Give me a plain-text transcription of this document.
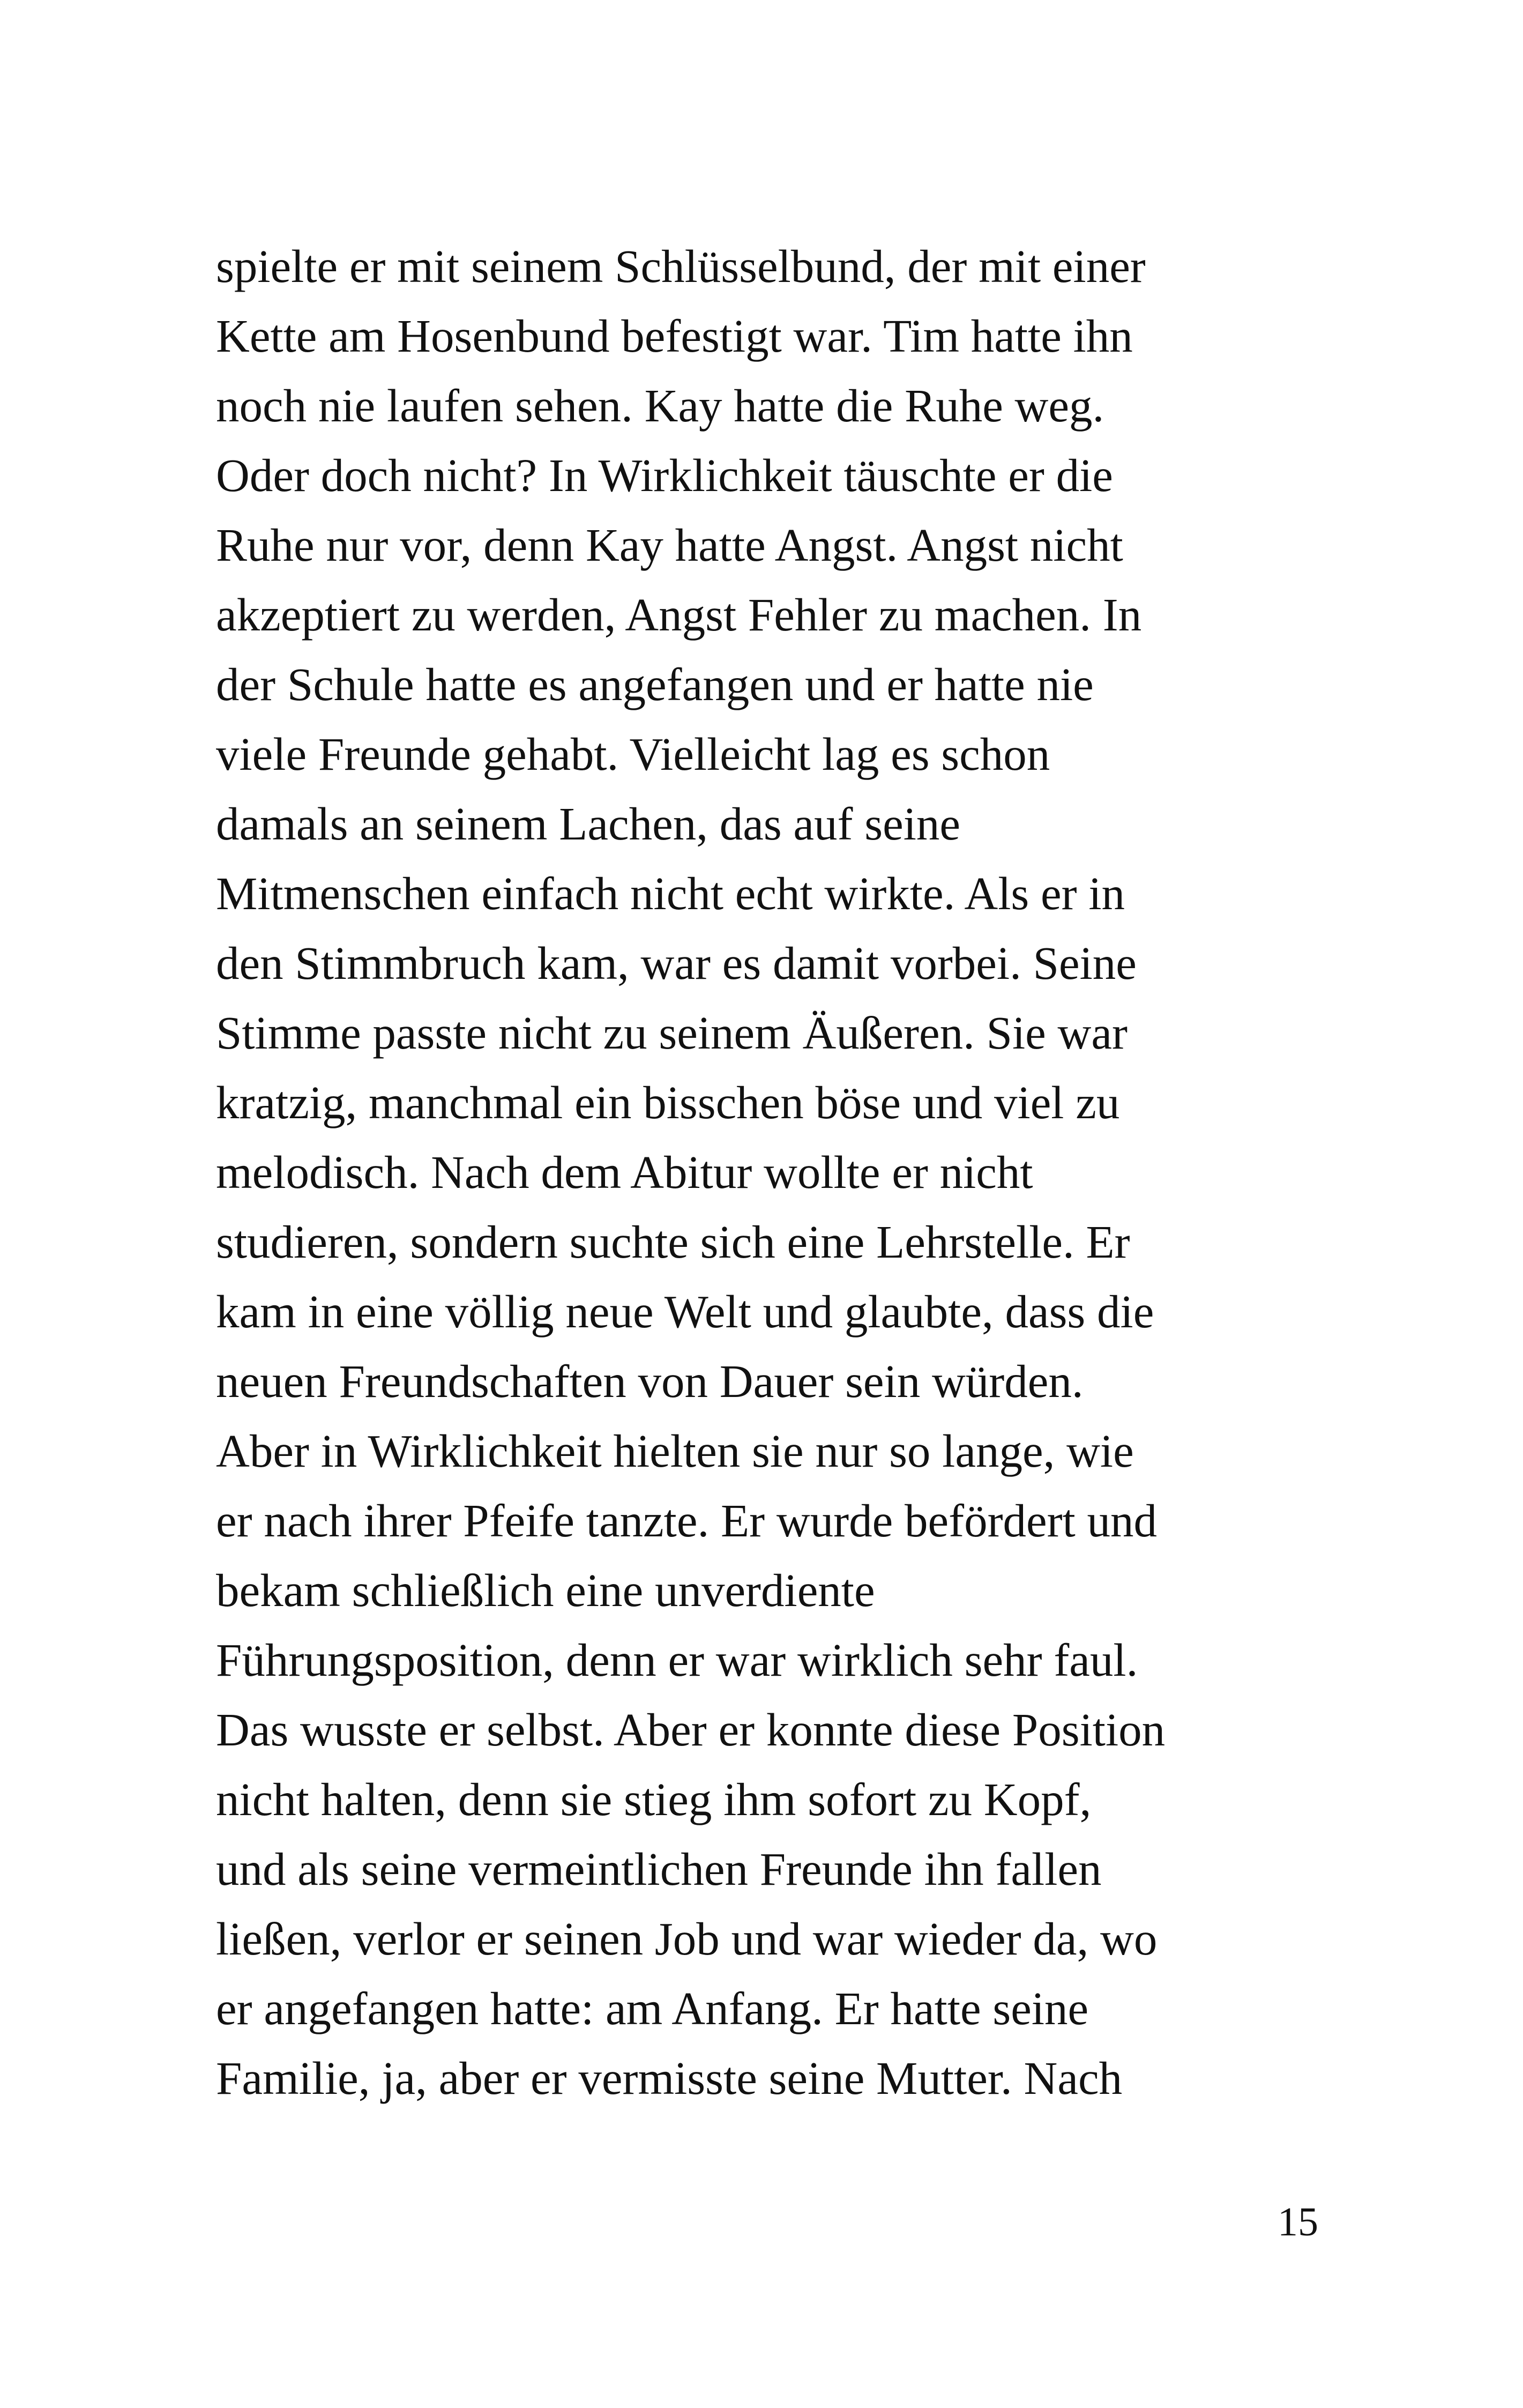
spielte er mit seinem Schlüsselbund, der mit einer
Kette am Hosenbund befestigt war. Tim hatte ihn
noch nie laufen sehen. Kay hatte die Ruhe weg.
Oder doch nicht? In Wirklichkeit täuschte er die
Ruhe nur vor, denn Kay hatte Angst. Angst nicht
akzeptiert zu werden, Angst Fehler zu machen. In
der Schule hatte es angefangen und er hatte nie
viele Freunde gehabt. Vielleicht lag es schon
damals an seinem Lachen, das auf seine
Mitmenschen einfach nicht echt wirkte. Als er in
den Stimmbruch kam, war es damit vorbei. Seine
Stimme passte nicht zu seinem Äußeren. Sie war
kratzig, manchmal ein bisschen böse und viel zu
melodisch. Nach dem Abitur wollte er nicht
studieren, sondern suchte sich eine Lehrstelle. Er
kam in eine völlig neue Welt und glaubte, dass die
neuen Freundschaften von Dauer sein würden.
Aber in Wirklichkeit hielten sie nur so lange, wie
er nach ihrer Pfeife tanzte. Er wurde befördert und
bekam schließlich eine unverdiente
Führungsposition, denn er war wirklich sehr faul.
Das wusste er selbst. Aber er konnte diese Position
nicht halten, denn sie stieg ihm sofort zu Kopf,
und als seine vermeintlichen Freunde ihn fallen
ließen, verlor er seinen Job und war wieder da, wo
er angefangen hatte: am Anfang. Er hatte seine
Familie, ja, aber er vermisste seine Mutter. Nach
15
